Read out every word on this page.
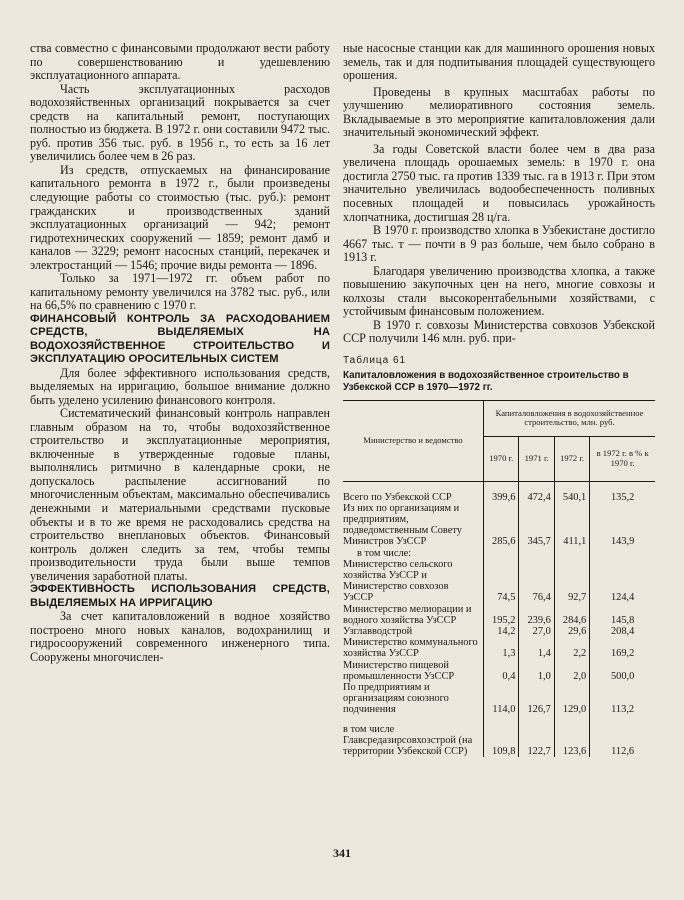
ства совместно с финансовыми продолжают вести работу по совершенствованию и удешевлению эксплуатационного аппарата.

Часть эксплуатационных расходов водохозяйственных организаций покрывается за счет средств на капитальный ремонт, поступающих полностью из бюджета. В 1972 г. они составили 9472 тыс. руб. против 356 тыс. руб. в 1956 г., то есть за 16 лет увеличились более чем в 26 раз.

Из средств, отпускаемых на финансирование капитального ремонта в 1972 г., были произведены следующие работы со стоимостью (тыс. руб.): ремонт гражданских и производственных зданий эксплуатационных организаций — 942; ремонт гидротехнических сооружений — 1859; ремонт дамб и каналов — 3229; ремонт насосных станций, перекачек и электростанций — 1546; прочие виды ремонта — 1896.

Только за 1971—1972 гг. объем работ по капитальному ремонту увеличился на 3782 тыс. руб., или на 66,5% по сравнению с 1970 г.

ФИНАНСОВЫЙ КОНТРОЛЬ ЗА РАСХОДОВАНИЕМ СРЕДСТВ, ВЫДЕЛЯЕМЫХ НА ВОДОХОЗЯЙСТВЕННОЕ СТРОИТЕЛЬСТВО И ЭКСПЛУАТАЦИЮ ОРОСИТЕЛЬНЫХ СИСТЕМ

Для более эффективного использования средств, выделяемых на ирригацию, большое внимание должно быть уделено усилению финансового контроля.

Систематический финансовый контроль направлен главным образом на то, чтобы водохозяйственное строительство и эксплуатационные мероприятия, включенные в утвержденные годовые планы, выполнялись ритмично в календарные сроки, не допускалось распыление ассигнований по многочисленным объектам, максимально обеспечивались денежными и материальными средствами пусковые объекты и в то же время не расходовались средства на строительство внеплановых объектов. Финансовый контроль должен следить за тем, чтобы темпы производительности труда были выше темпов увеличения заработной платы.

ЭФФЕКТИВНОСТЬ ИСПОЛЬЗОВАНИЯ СРЕДСТВ, ВЫДЕЛЯЕМЫХ НА ИРРИГАЦИЮ

За счет капиталовложений в водное хозяйство построено много новых каналов, водохранилищ и гидросооружений современного инженерного типа. Сооружены многочислен-

ные насосные станции как для машинного орошения новых земель, так и для подпитывания площадей существующего орошения.

Проведены в крупных масштабах работы по улучшению мелиоративного состояния земель. Вкладываемые в это мероприятие капиталовложения дали значительный экономический эффект.

За годы Советской власти более чем в два раза увеличена площадь орошаемых земель: в 1970 г. она достигла 2750 тыс. га против 1339 тыс. га в 1913 г. При этом значительно увеличилась водообеспеченность поливных посевных площадей и повысилась урожайность хлопчатника, достигшая 28 ц/га.

В 1970 г. производство хлопка в Узбекистане достигло 4667 тыс. т — почти в 9 раз больше, чем было собрано в 1913 г.

Благодаря увеличению производства хлопка, а также повышению закупочных цен на него, многие совхозы и колхозы стали высокорентабельными хозяйствами, с устойчивым финансовым положением.

В 1970 г. совхозы Министерства совхозов Узбекской ССР получили 146 млн. руб. при-

Таблица 61
Капиталовложения в водохозяйственное строительство в Узбекской ССР в 1970—1972 гг.
Министерство и ведомство	Капиталовложения в водохозяйственное строительство, млн. руб.			
	1970 г.	1971 г.	1972 г.	в 1972 г. в % к 1970 г.
Всего по Узбекской ССР	399,6	472,4	540,1	135,2
Из них по организациям и предприятиям, подведомственным Совету Министров УзССР	285,6	345,7	411,1	143,9
в том числе:				
Министерство сельского хозяйства УзССР и Министерство совхозов УзССР	74,5	76,4	92,7	124,4
Министерство мелиорации и водного хозяйства УзССР	195,2	239,6	284,6	145,8
Узглавводстрой	14,2	27,0	29,6	208,4
Министерство коммунального хозяйства УзССР	1,3	1,4	2,2	169,2
Министерство пищевой промышленности УзССР	0,4	1,0	2,0	500,0
По предприятиям и организациям союзного подчинения	114,0	126,7	129,0	113,2
в том числе Главсредазирсовхозстрой (на территории Узбекской ССР)	109,8	122,7	123,6	112,6
341
